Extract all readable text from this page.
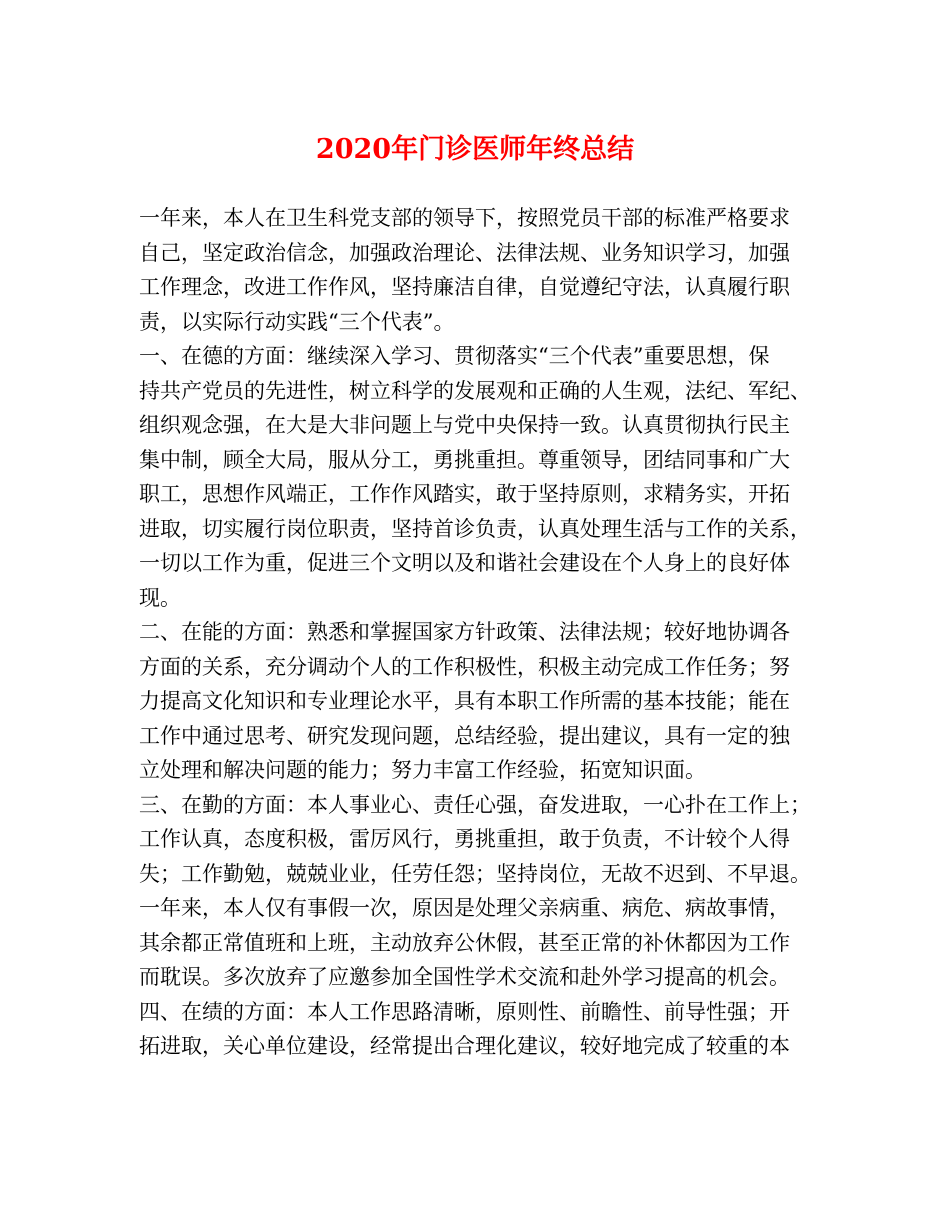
2020年门诊医师年终总结
一年来，本人在卫生科党支部的领导下，按照党员干部的标准严格要求
自己，坚定政治信念，加强政治理论、法律法规、业务知识学习，加强
工作理念，改进工作作风，坚持廉洁自律，自觉遵纪守法，认真履行职
责，以实际行动实践“三个代表”。
一、在德的方面：继续深入学习、贯彻落实“三个代表”重要思想，保
持共产党员的先进性，树立科学的发展观和正确的人生观，法纪、军纪、
组织观念强，在大是大非问题上与党中央保持一致。认真贯彻执行民主
集中制，顾全大局，服从分工，勇挑重担。尊重领导，团结同事和广大
职工，思想作风端正，工作作风踏实，敢于坚持原则，求精务实，开拓
进取，切实履行岗位职责，坚持首诊负责，认真处理生活与工作的关系，
一切以工作为重，促进三个文明以及和谐社会建设在个人身上的良好体
现。
二、在能的方面：熟悉和掌握国家方针政策、法律法规；较好地协调各
方面的关系，充分调动个人的工作积极性，积极主动完成工作任务；努
力提高文化知识和专业理论水平，具有本职工作所需的基本技能；能在
工作中通过思考、研究发现问题，总结经验，提出建议，具有一定的独
立处理和解决问题的能力；努力丰富工作经验，拓宽知识面。
三、在勤的方面：本人事业心、责任心强，奋发进取，一心扑在工作上；
工作认真，态度积极，雷厉风行，勇挑重担，敢于负责，不计较个人得
失；工作勤勉，兢兢业业，任劳任怨；坚持岗位，无故不迟到、不早退。
一年来，本人仅有事假一次，原因是处理父亲病重、病危、病故事情，
其余都正常值班和上班，主动放弃公休假，甚至正常的补休都因为工作
而耽误。多次放弃了应邀参加全国性学术交流和赴外学习提高的机会。
四、在绩的方面：本人工作思路清晰，原则性、前瞻性、前导性强；开
拓进取，关心单位建设，经常提出合理化建议，较好地完成了较重的本
